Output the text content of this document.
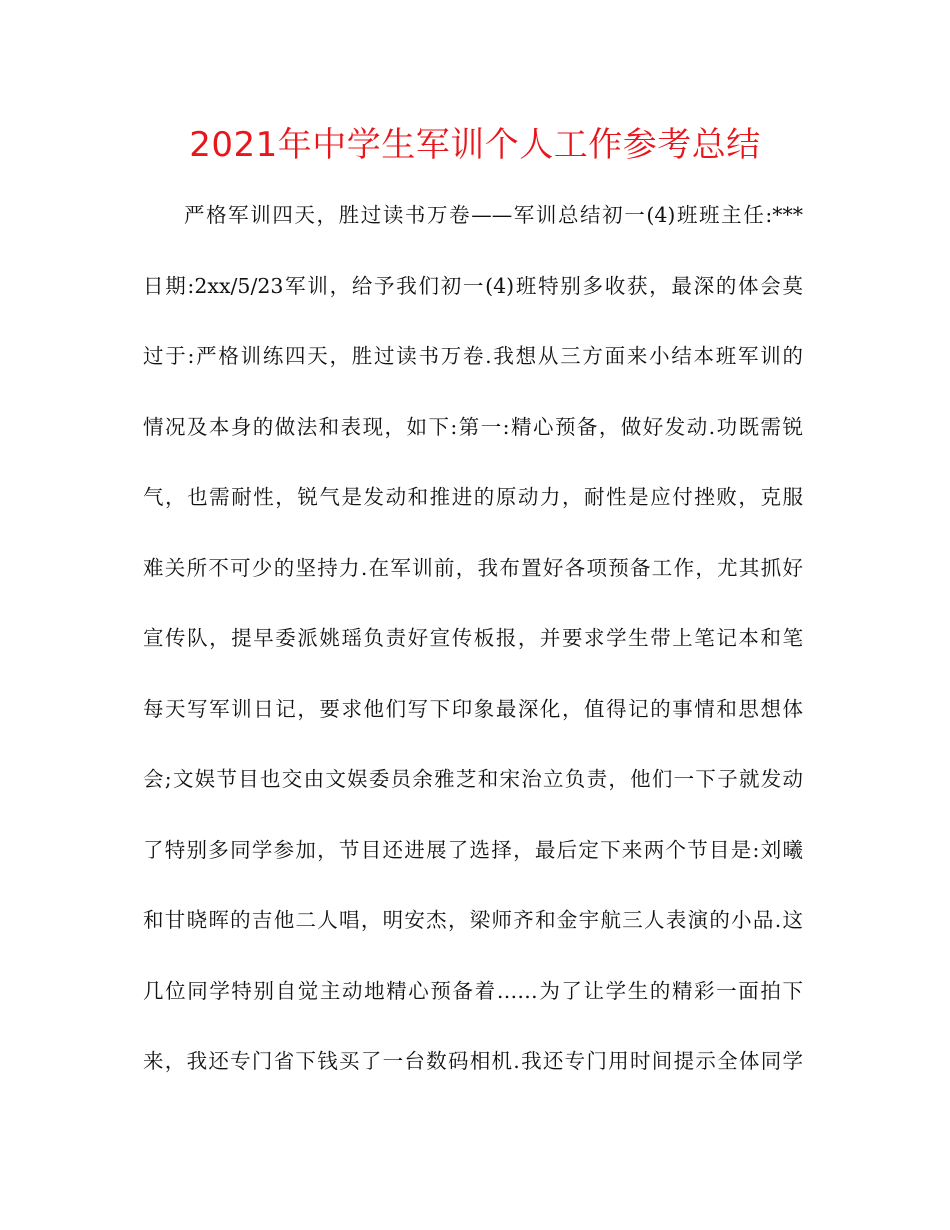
2021年中学生军训个人工作参考总结
严格军训四天，胜过读书万卷——军训总结初一(4)班班主任:***
日期:2xx/5/23军训，给予我们初一(4)班特别多收获，最深的体会莫
过于:严格训练四天，胜过读书万卷.我想从三方面来小结本班军训的
情况及本身的做法和表现，如下:第一:精心预备，做好发动.功既需锐
气，也需耐性，锐气是发动和推进的原动力，耐性是应付挫败，克服
难关所不可少的坚持力.在军训前，我布置好各项预备工作，尤其抓好
宣传队，提早委派姚瑶负责好宣传板报，并要求学生带上笔记本和笔
每天写军训日记，要求他们写下印象最深化，值得记的事情和思想体
会;文娱节目也交由文娱委员余雅芝和宋治立负责，他们一下子就发动
了特别多同学参加，节目还进展了选择，最后定下来两个节目是:刘曦
和甘晓晖的吉他二人唱，明安杰，梁师齐和金宇航三人表演的小品.这
几位同学特别自觉主动地精心预备着……为了让学生的精彩一面拍下
来，我还专门省下钱买了一台数码相机.我还专门用时间提示全体同学
